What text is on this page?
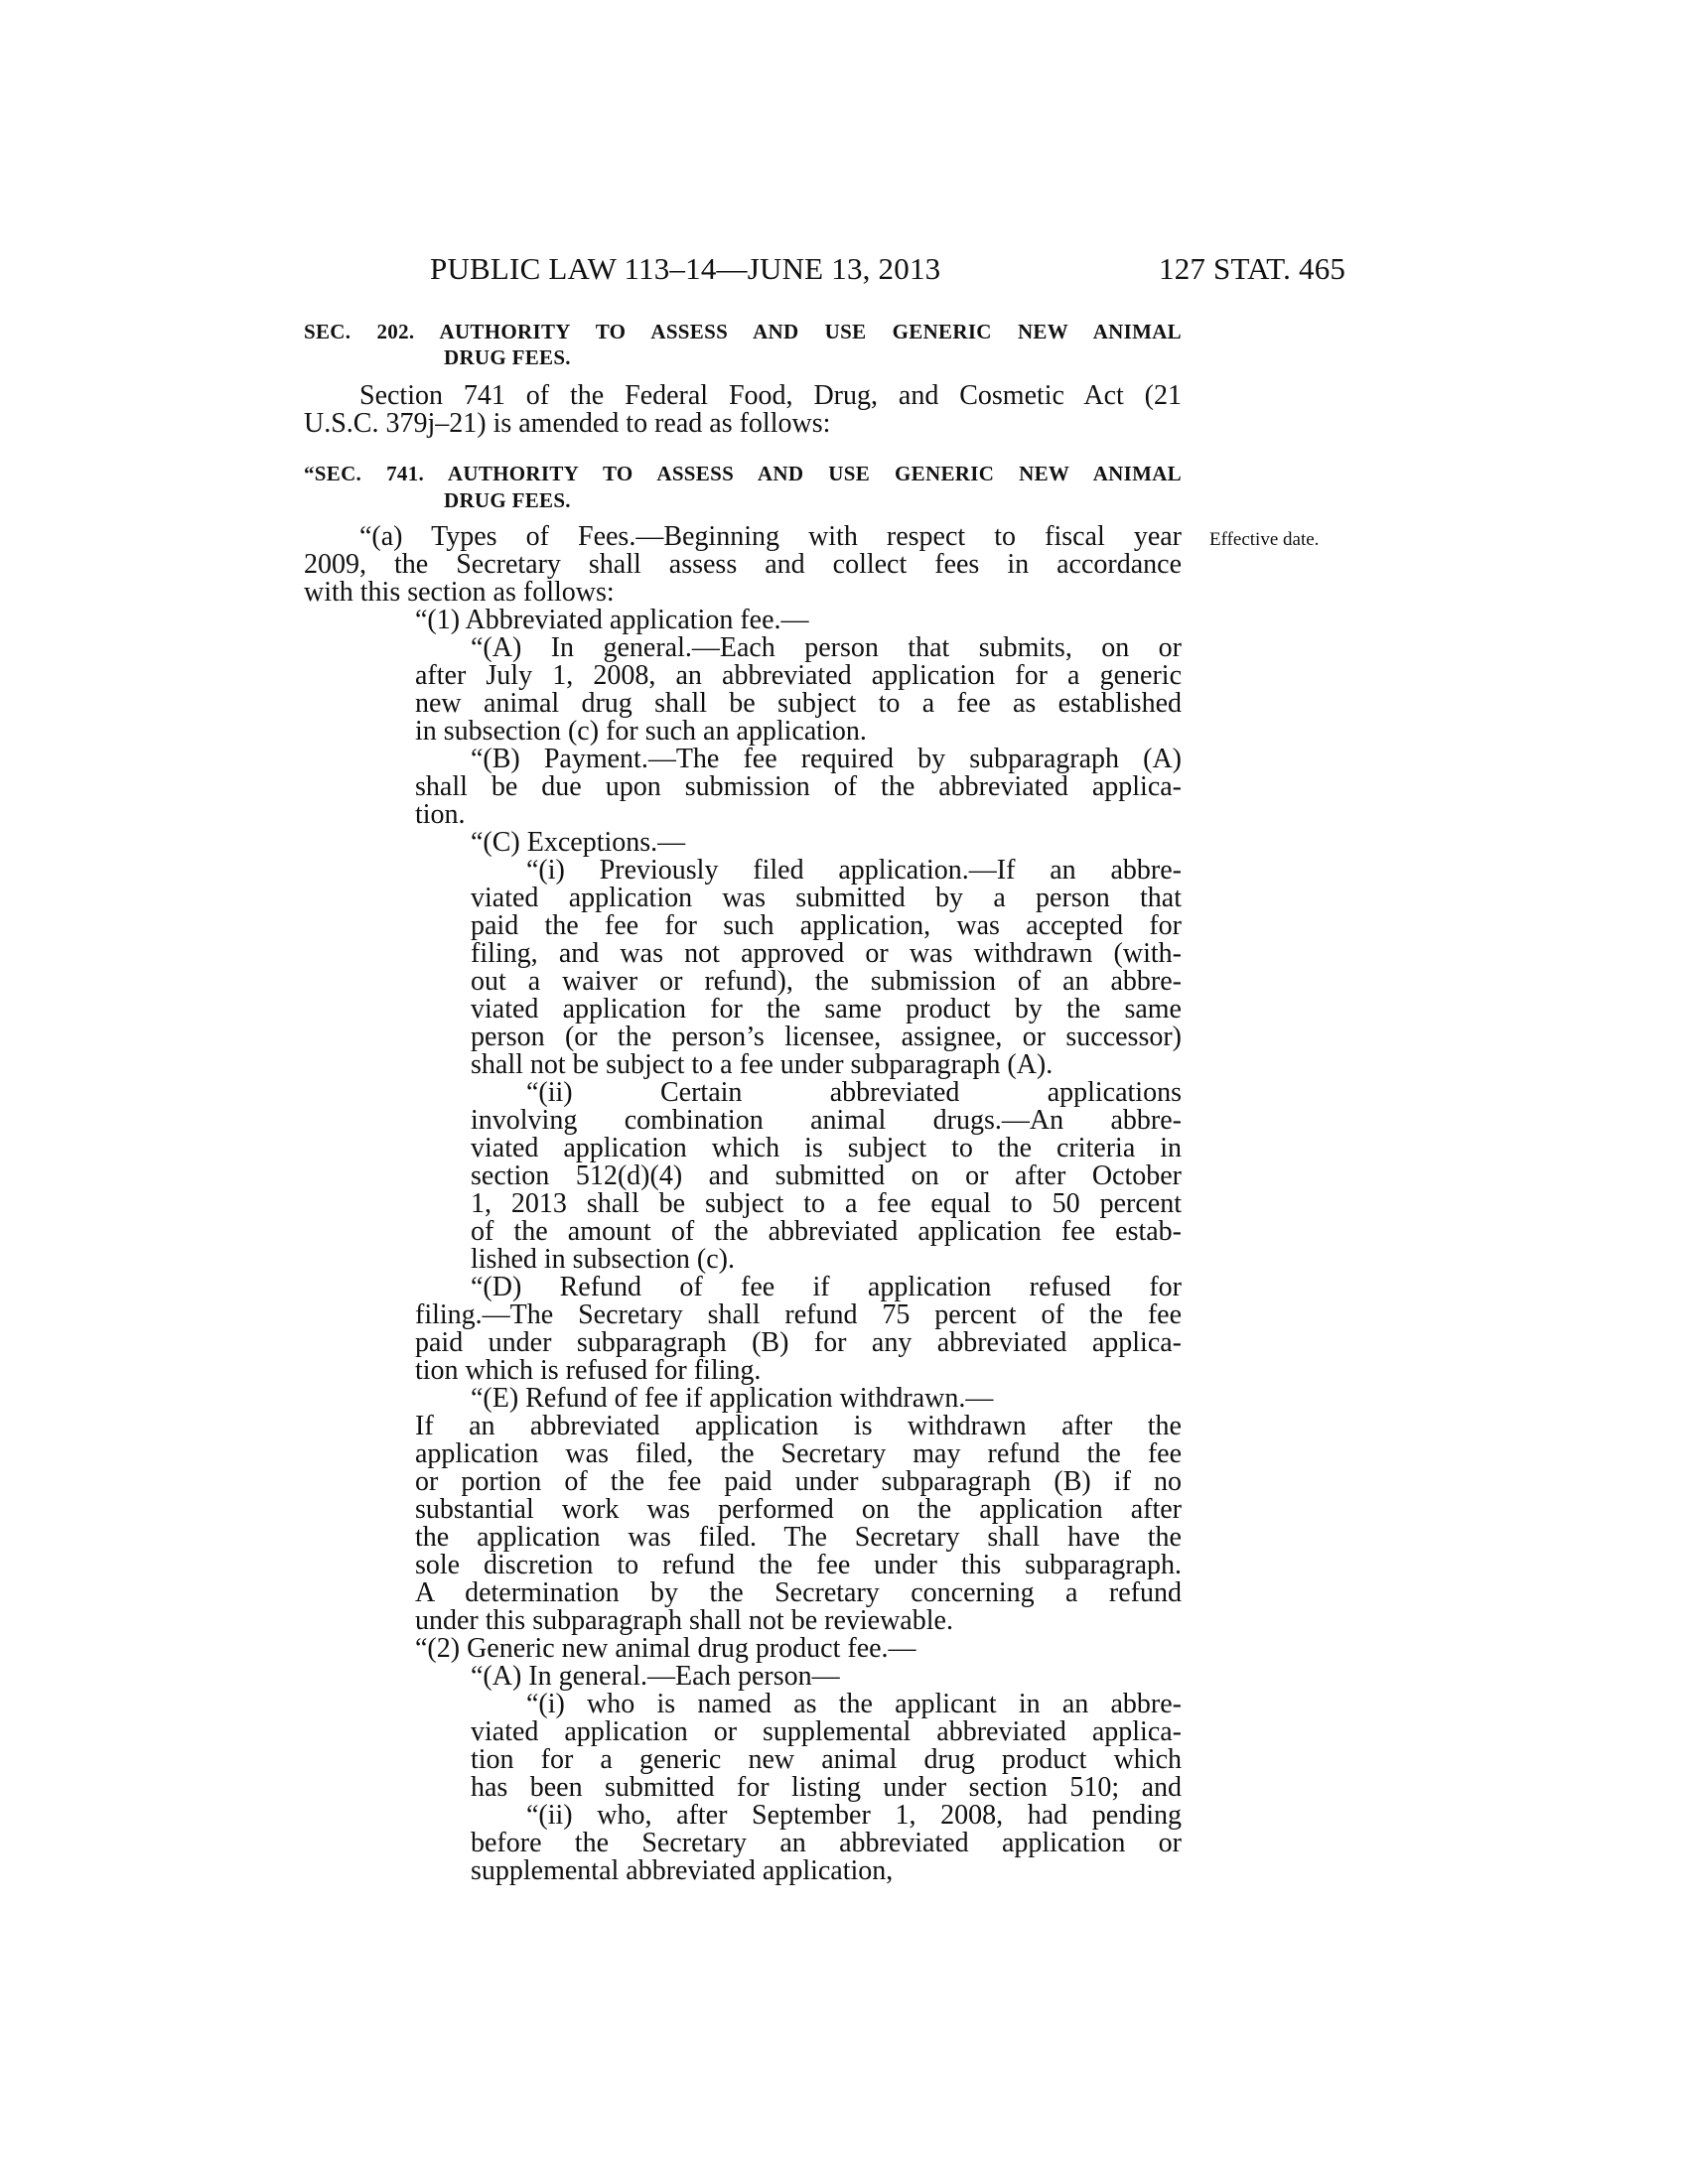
PUBLIC LAW 113–14—JUNE 13, 2013	127 STAT. 465
SEC. 202. AUTHORITY TO ASSESS AND USE GENERIC NEW ANIMAL
DRUG FEES.
Section 741 of the Federal Food, Drug, and Cosmetic Act (21
U.S.C. 379j–21) is amended to read as follows:
“SEC. 741. AUTHORITY TO ASSESS AND USE GENERIC NEW ANIMAL
DRUG FEES.
Effective date.
“(a) Types of Fees.—Beginning with respect to fiscal year
2009, the Secretary shall assess and collect fees in accordance
with this section as follows:
“(1) Abbreviated application fee.—
“(A) In general.—Each person that submits, on or
after July 1, 2008, an abbreviated application for a generic
new animal drug shall be subject to a fee as established
in subsection (c) for such an application.
“(B) Payment.—The fee required by subparagraph (A)
shall be due upon submission of the abbreviated applica-
tion.
“(C) Exceptions.—
“(i) Previously filed application.—If an abbre-
viated application was submitted by a person that
paid the fee for such application, was accepted for
filing, and was not approved or was withdrawn (with-
out a waiver or refund), the submission of an abbre-
viated application for the same product by the same
person (or the person’s licensee, assignee, or successor)
shall not be subject to a fee under subparagraph (A).
“(ii) Certain abbreviated applications
involving combination animal drugs.—An abbre-
viated application which is subject to the criteria in
section 512(d)(4) and submitted on or after October
1, 2013 shall be subject to a fee equal to 50 percent
of the amount of the abbreviated application fee estab-
lished in subsection (c).
“(D) Refund of fee if application refused for
filing.—The Secretary shall refund 75 percent of the fee
paid under subparagraph (B) for any abbreviated applica-
tion which is refused for filing.
“(E) Refund of fee if application withdrawn.—
If an abbreviated application is withdrawn after the
application was filed, the Secretary may refund the fee
or portion of the fee paid under subparagraph (B) if no
substantial work was performed on the application after
the application was filed. The Secretary shall have the
sole discretion to refund the fee under this subparagraph.
A determination by the Secretary concerning a refund
under this subparagraph shall not be reviewable.
“(2) Generic new animal drug product fee.—
“(A) In general.—Each person—
“(i) who is named as the applicant in an abbre-
viated application or supplemental abbreviated applica-
tion for a generic new animal drug product which
has been submitted for listing under section 510; and
“(ii) who, after September 1, 2008, had pending
before the Secretary an abbreviated application or
supplemental abbreviated application,
